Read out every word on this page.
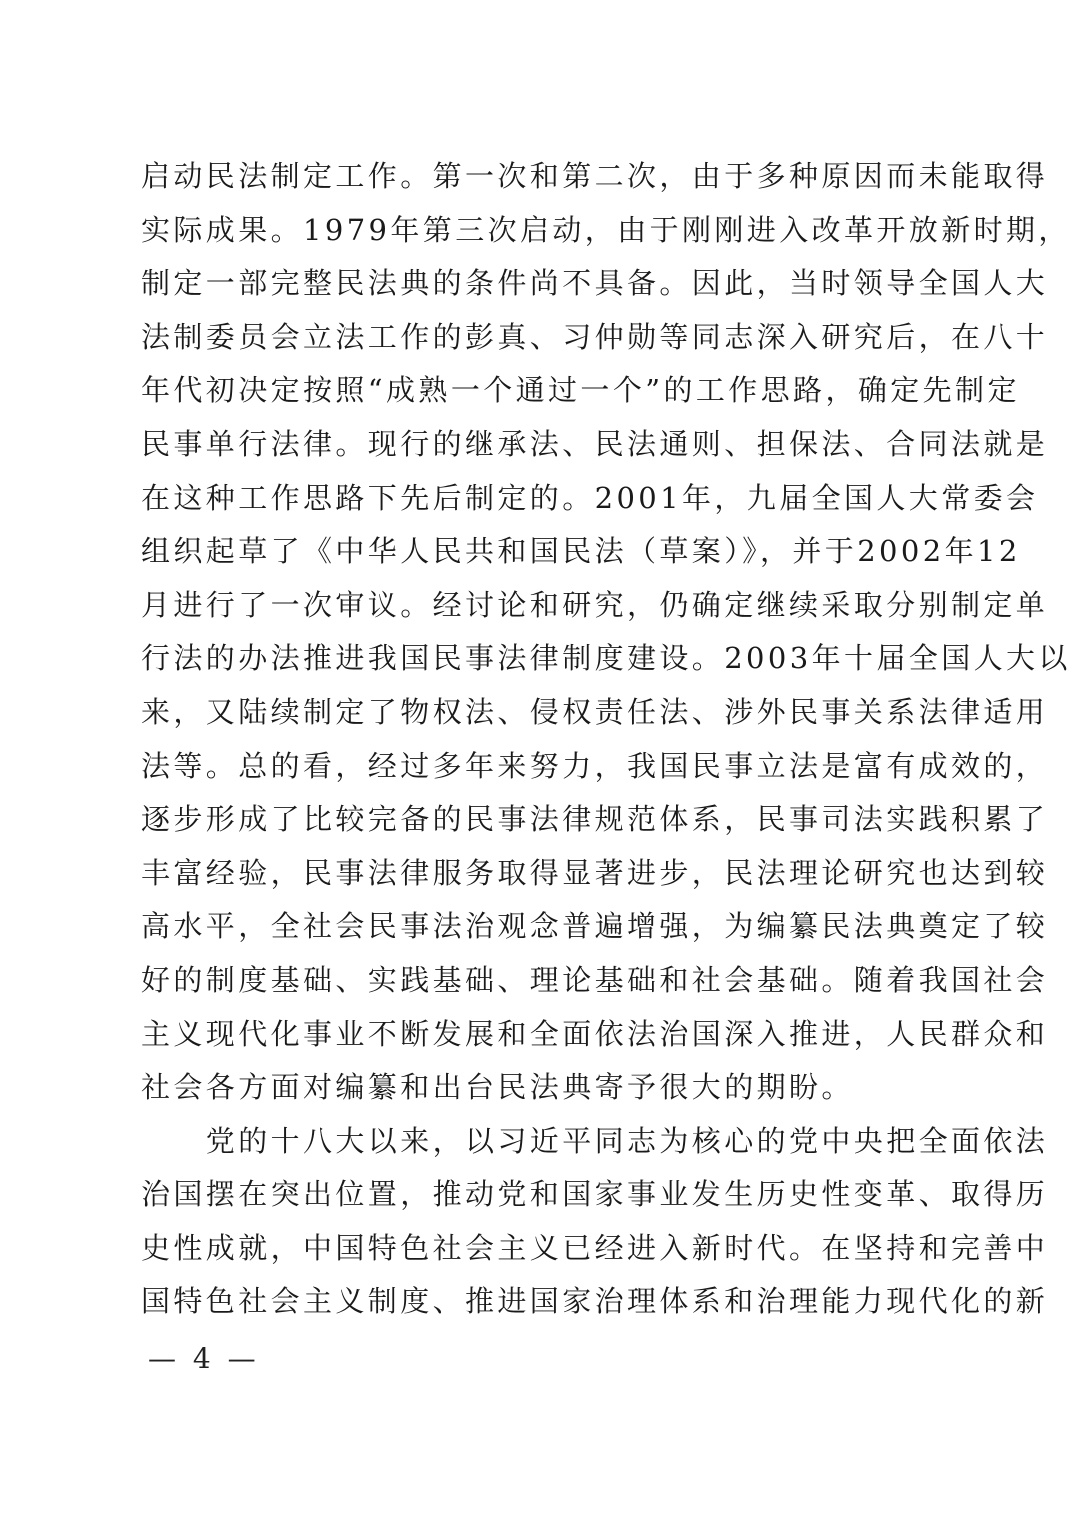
启动民法制定工作。第一次和第二次，由于多种原因而未能取得
实际成果。1979年第三次启动，由于刚刚进入改革开放新时期，
制定一部完整民法典的条件尚不具备。因此，当时领导全国人大
法制委员会立法工作的彭真、习仲勋等同志深入研究后，在八十
年代初决定按照“成熟一个通过一个”的工作思路，确定先制定
民事单行法律。现行的继承法、民法通则、担保法、合同法就是
在这种工作思路下先后制定的。2001年，九届全国人大常委会
组织起草了《中华人民共和国民法（草案）》，并于2002年12
月进行了一次审议。经讨论和研究，仍确定继续采取分别制定单
行法的办法推进我国民事法律制度建设。2003年十届全国人大以
来，又陆续制定了物权法、侵权责任法、涉外民事关系法律适用
法等。总的看，经过多年来努力，我国民事立法是富有成效的，
逐步形成了比较完备的民事法律规范体系，民事司法实践积累了
丰富经验，民事法律服务取得显著进步，民法理论研究也达到较
高水平，全社会民事法治观念普遍增强，为编纂民法典奠定了较
好的制度基础、实践基础、理论基础和社会基础。随着我国社会
主义现代化事业不断发展和全面依法治国深入推进，人民群众和
社会各方面对编纂和出台民法典寄予很大的期盼。
　　党的十八大以来，以习近平同志为核心的党中央把全面依法
治国摆在突出位置，推动党和国家事业发生历史性变革、取得历
史性成就，中国特色社会主义已经进入新时代。在坚持和完善中
国特色社会主义制度、推进国家治理体系和治理能力现代化的新
— 4 —
